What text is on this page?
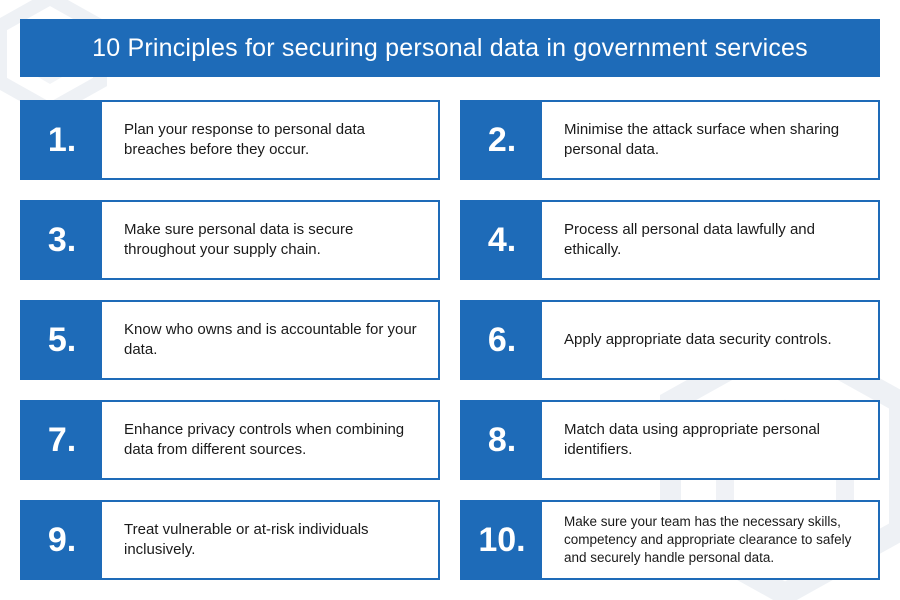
10 Principles for securing personal data in government services
1.	Plan your response to personal data breaches before they occur.	2.	Minimise the attack surface when sharing personal data.
3.	Make sure personal data is secure throughout your supply chain.	4.	Process all personal data lawfully and ethically.
5.	Know who owns and is accountable for your data.	6.	Apply appropriate data security controls.
7.	Enhance privacy controls when combining data from different sources.	8.	Match data using appropriate personal identifiers.
9.	Treat vulnerable or at-risk individuals inclusively.	10.	Make sure your team has the necessary skills, competency and appropriate clearance to safely and securely handle personal data.
